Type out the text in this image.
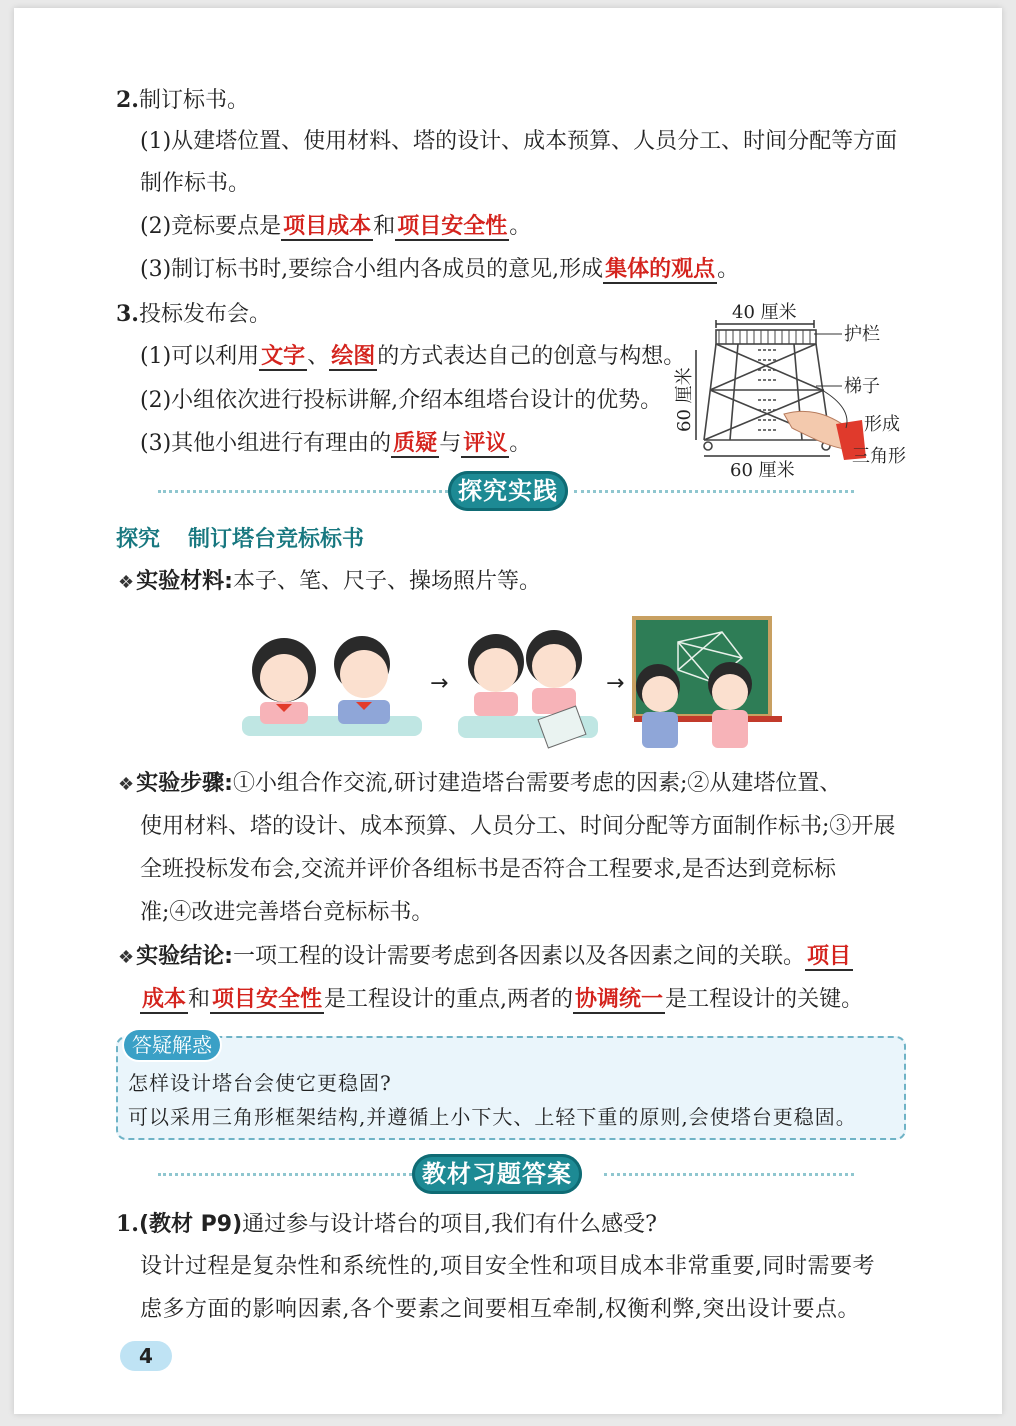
2.制订标书。
(1)从建塔位置、使用材料、塔的设计、成本预算、人员分工、时间分配等方面
制作标书。
(2)竞标要点是项目成本和项目安全性。
(3)制订标书时,要综合小组内各成员的意见,形成集体的观点。
3.投标发布会。
(1)可以利用文字、绘图的方式表达自己的创意与构想。
(2)小组依次进行投标讲解,介绍本组塔台设计的优势。
(3)其他小组进行有理由的质疑与评议。
40 厘米
60 厘米
60 厘米
护栏
梯子
形成
三角形
探究实践
探究 制订塔台竞标标书
❖实验材料:本子、笔、尺子、操场照片等。
→	→
❖实验步骤:①小组合作交流,研讨建造塔台需要考虑的因素;②从建塔位置、
使用材料、塔的设计、成本预算、人员分工、时间分配等方面制作标书;③开展
全班投标发布会,交流并评价各组标书是否符合工程要求,是否达到竞标标
准;④改进完善塔台竞标标书。
❖实验结论:一项工程的设计需要考虑到各因素以及各因素之间的关联。项目
成本和项目安全性是工程设计的重点,两者的协调统一是工程设计的关键。
答疑解惑
怎样设计塔台会使它更稳固?
可以采用三角形框架结构,并遵循上小下大、上轻下重的原则,会使塔台更稳固。
教材习题答案
1.(教材 P9)通过参与设计塔台的项目,我们有什么感受?
设计过程是复杂性和系统性的,项目安全性和项目成本非常重要,同时需要考
虑多方面的影响因素,各个要素之间要相互牵制,权衡利弊,突出设计要点。
4
